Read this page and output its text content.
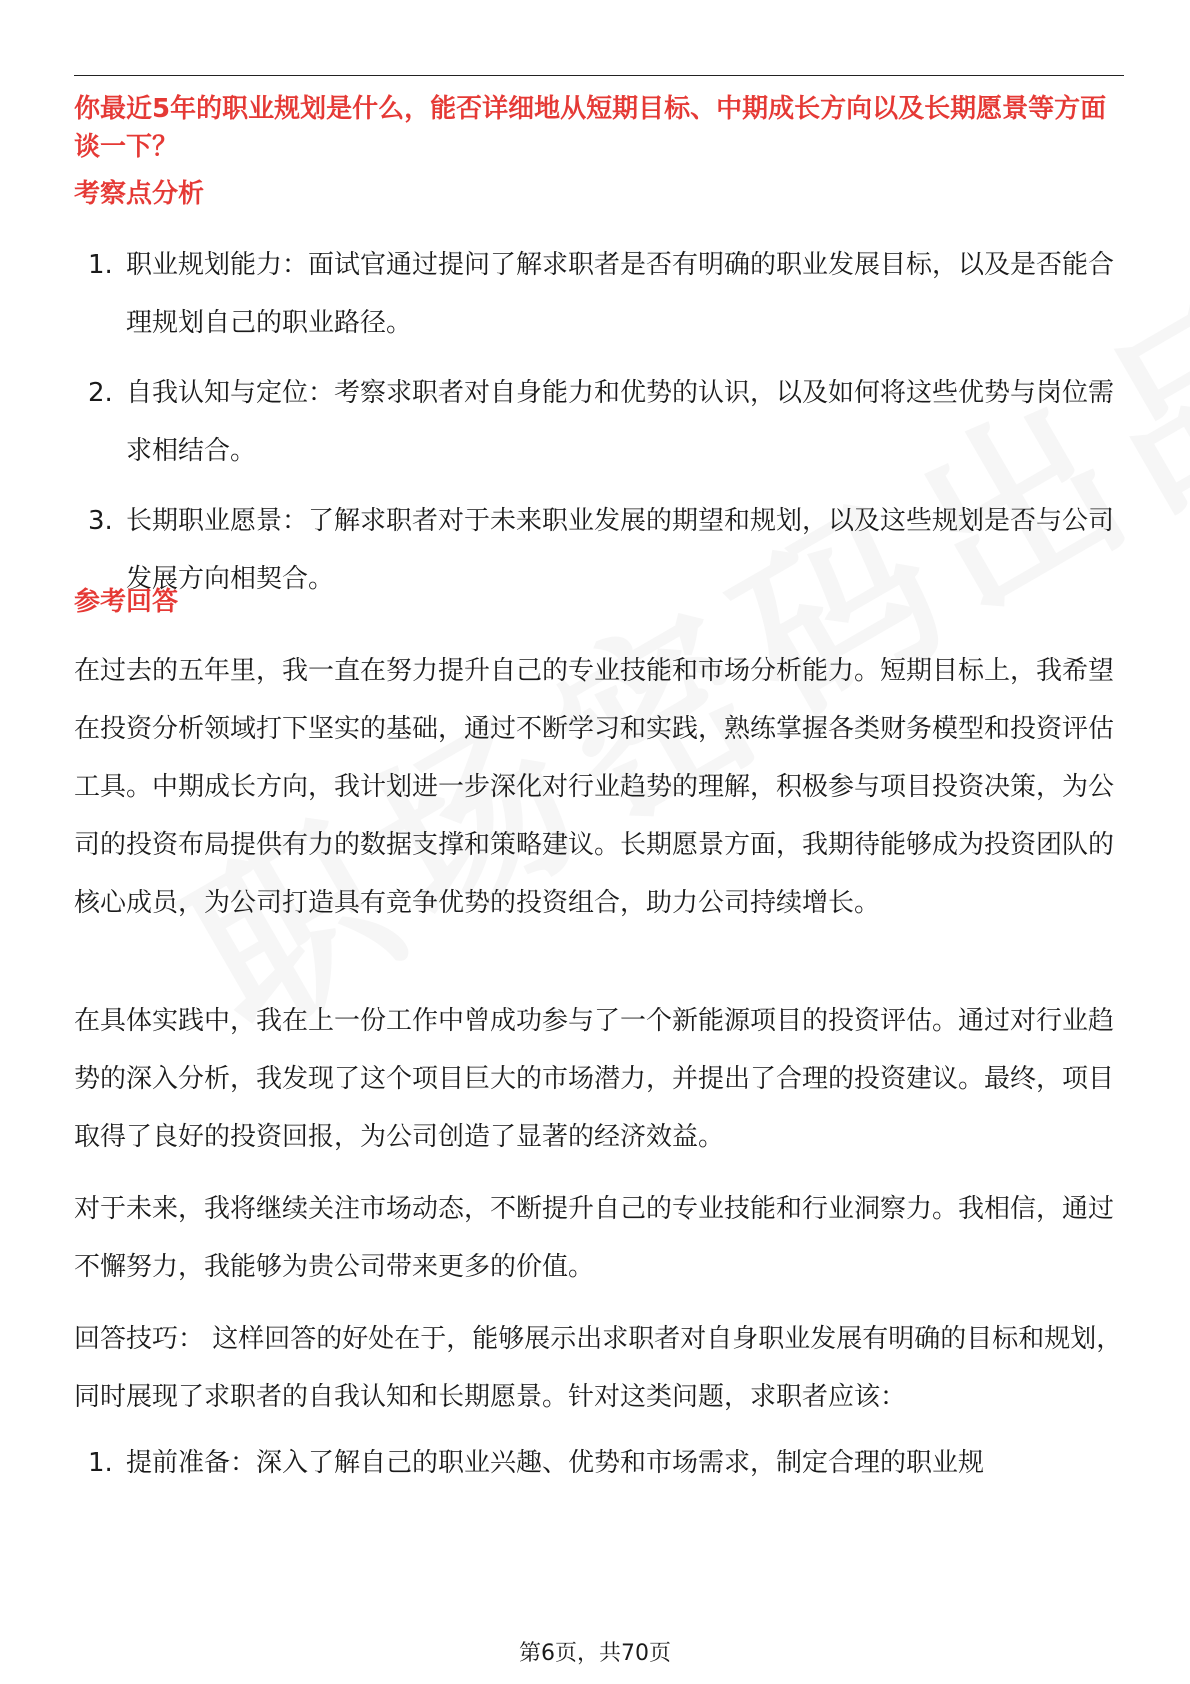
你最近5年的职业规划是什么，能否详细地从短期目标、中期成长方向以及长期愿景等方面谈一下？

考察点分析
1. 职业规划能力：面试官通过提问了解求职者是否有明确的职业发展目标，以及是否能合理规划自己的职业路径。
2. 自我认知与定位：考察求职者对自身能力和优势的认识，以及如何将这些优势与岗位需求相结合。
3. 长期职业愿景：了解求职者对于未来职业发展的期望和规划，以及这些规划是否与公司发展方向相契合。
参考回答

在过去的五年里，我一直在努力提升自己的专业技能和市场分析能力。短期目标上，我希望在投资分析领域打下坚实的基础，通过不断学习和实践，熟练掌握各类财务模型和投资评估工具。中期成长方向，我计划进一步深化对行业趋势的理解，积极参与项目投资决策，为公司的投资布局提供有力的数据支撑和策略建议。长期愿景方面，我期待能够成为投资团队的核心成员，为公司打造具有竞争优势的投资组合，助力公司持续增长。

在具体实践中，我在上一份工作中曾成功参与了一个新能源项目的投资评估。通过对行业趋势的深入分析，我发现了这个项目巨大的市场潜力，并提出了合理的投资建议。最终，项目取得了良好的投资回报，为公司创造了显著的经济效益。

对于未来，我将继续关注市场动态，不断提升自己的专业技能和行业洞察力。我相信，通过不懈努力，我能够为贵公司带来更多的价值。

回答技巧： 这样回答的好处在于，能够展示出求职者对自身职业发展有明确的目标和规划，同时展现了求职者的自我认知和长期愿景。针对这类问题，求职者应该：

1. 提前准备：深入了解自己的职业兴趣、优势和市场需求，制定合理的职业规
第6页，共70页
